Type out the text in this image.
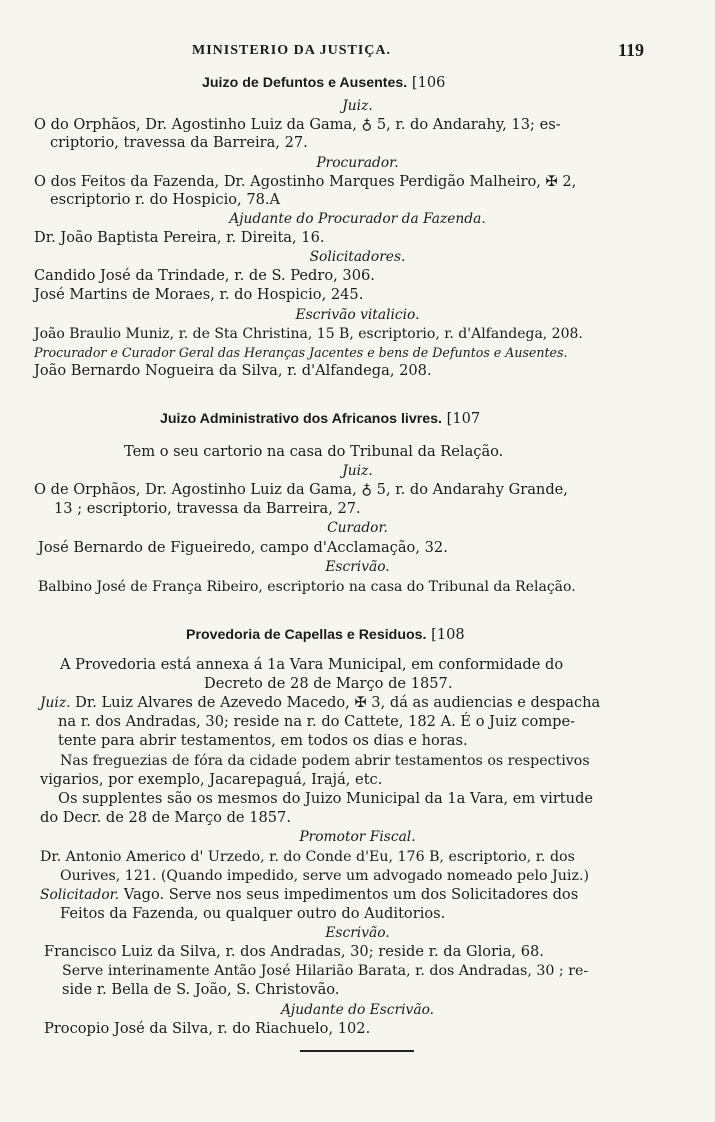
MINISTERIO DA JUSTIÇA.	119
Juizo de Defuntos e Ausentes. [106
Juiz.
O do Orphãos, Dr. Agostinho Luiz da Gama, ♁ 5, r. do Andarahy, 13; es-
criptorio, travessa da Barreira, 27.
Procurador.
O dos Feitos da Fazenda, Dr. Agostinho Marques Perdigão Malheiro, ✠ 2,
escriptorio r. do Hospicio, 78.A
Ajudante do Procurador da Fazenda.
Dr. João Baptista Pereira, r. Direita, 16.
Solicitadores.
Candido José da Trindade, r. de S. Pedro, 306.
José Martins de Moraes, r. do Hospicio, 245.
Escrivão vitalicio.
João Braulio Muniz, r. de Sta Christina, 15 B, escriptorio, r. d'Alfandega, 208.
Procurador e Curador Geral das Heranças Jacentes e bens de Defuntos e Ausentes.
João Bernardo Nogueira da Silva, r. d'Alfandega, 208.
Juizo Administrativo dos Africanos livres. [107
Tem o seu cartorio na casa do Tribunal da Relação.
Juiz.
O de Orphãos, Dr. Agostinho Luiz da Gama, ♁ 5, r. do Andarahy Grande,
13 ; escriptorio, travessa da Barreira, 27.
Curador.
José Bernardo de Figueiredo, campo d'Acclamação, 32.
Escrivão.
Balbino José de França Ribeiro, escriptorio na casa do Tribunal da Relação.
Provedoria de Capellas e Residuos. [108
A Provedoria está annexa á 1a Vara Municipal, em conformidade do
Decreto de 28 de Março de 1857.
Juiz. Dr. Luiz Alvares de Azevedo Macedo, ✠ 3, dá as audiencias e despacha
na r. dos Andradas, 30; reside na r. do Cattete, 182 A. É o Juiz compe-
tente para abrir testamentos, em todos os dias e horas.
Nas freguezias de fóra da cidade podem abrir testamentos os respectivos
vigarios, por exemplo, Jacarepaguá, Irajá, etc.
Os supplentes são os mesmos do Juizo Municipal da 1a Vara, em virtude
do Decr. de 28 de Março de 1857.
Promotor Fiscal.
Dr. Antonio Americo d' Urzedo, r. do Conde d'Eu, 176 B, escriptorio, r. dos
Ourives, 121. (Quando impedido, serve um advogado nomeado pelo Juiz.)
Solicitador. Vago. Serve nos seus impedimentos um dos Solicitadores dos
Feitos da Fazenda, ou qualquer outro do Auditorios.
Escrivão.
Francisco Luiz da Silva, r. dos Andradas, 30; reside r. da Gloria, 68.
Serve interinamente Antão José Hilarião Barata, r. dos Andradas, 30 ; re-
side r. Bella de S. João, S. Christovão.
Ajudante do Escrivão.
Procopio José da Silva, r. do Riachuelo, 102.
